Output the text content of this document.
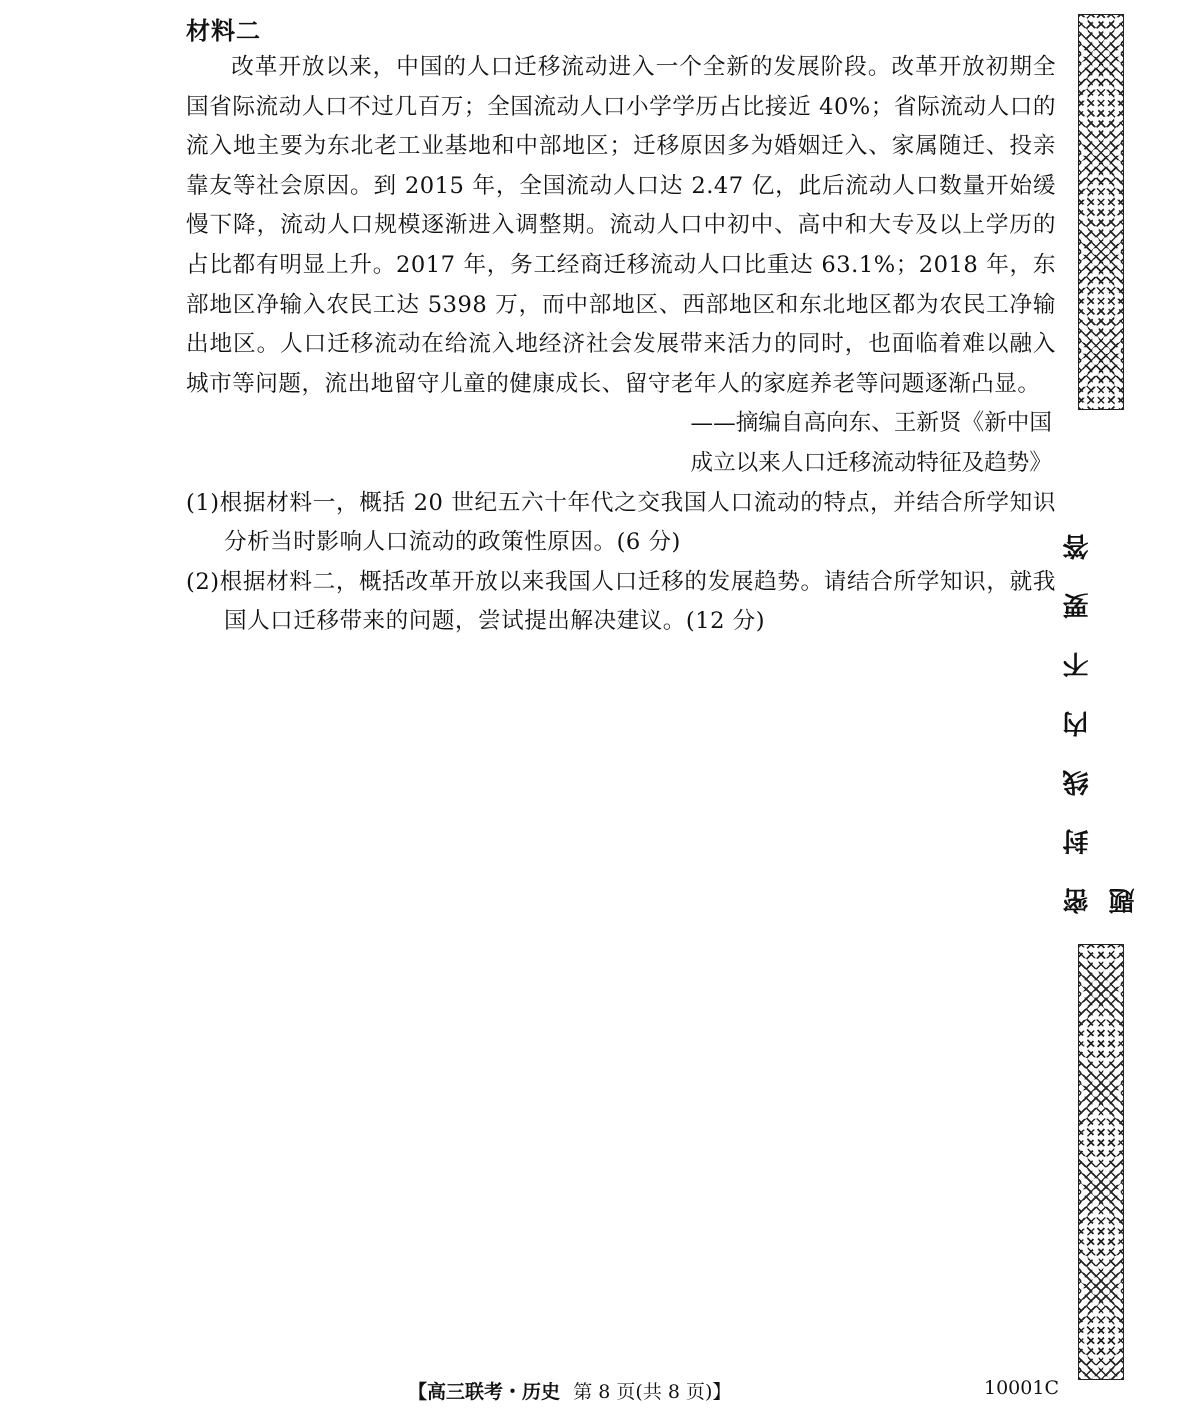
材料二

改革开放以来，中国的人口迁移流动进入一个全新的发展阶段。改革开放初期全国省际流动人口不过几百万；全国流动人口小学学历占比接近 40%；省际流动人口的流入地主要为东北老工业基地和中部地区；迁移原因多为婚姻迁入、家属随迁、投亲靠友等社会原因。到 2015 年，全国流动人口达 2.47 亿，此后流动人口数量开始缓慢下降，流动人口规模逐渐进入调整期。流动人口中初中、高中和大专及以上学历的占比都有明显上升。2017 年，务工经商迁移流动人口比重达 63.1%；2018 年，东部地区净输入农民工达 5398 万，而中部地区、西部地区和东北地区都为农民工净输出地区。人口迁移流动在给流入地经济社会发展带来活力的同时，也面临着难以融入城市等问题，流出地留守儿童的健康成长、留守老年人的家庭养老等问题逐渐凸显。

——摘编自高向东、王新贤《新中国

成立以来人口迁移流动特征及趋势》

(1)根据材料一，概括 20 世纪五六十年代之交我国人口流动的特点，并结合所学知识分析当时影响人口流动的政策性原因。(6 分)

(2)根据材料二，概括改革开放以来我国人口迁移的发展趋势。请结合所学知识，就我国人口迁移带来的问题，尝试提出解决建议。(12 分)	密封线内不要答题
【高三联考・历史 第 8 页(共 8 页)】	10001C
